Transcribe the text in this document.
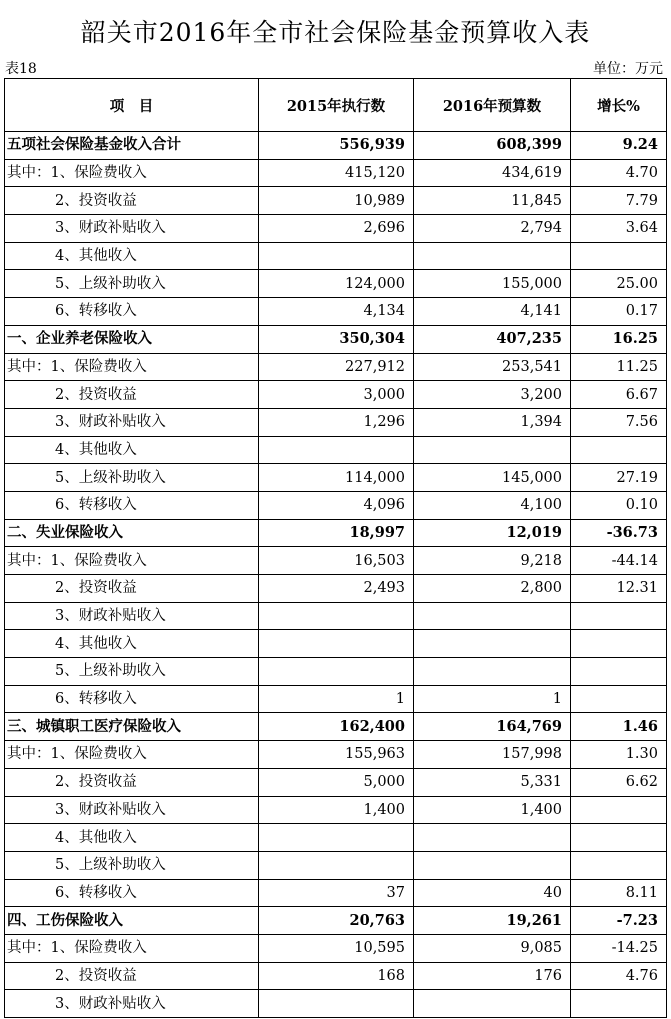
韶关市2016年全市社会保险基金预算收入表
表18	单位：万元
项　目	2015年执行数	2016年预算数	增长%
五项社会保险基金收入合计	556,939	608,399	9.24
其中：1、保险费收入	415,120	434,619	4.70
2、投资收益	10,989	11,845	7.79
3、财政补贴收入	2,696	2,794	3.64
4、其他收入			
5、上级补助收入	124,000	155,000	25.00
6、转移收入	4,134	4,141	0.17
一、企业养老保险收入	350,304	407,235	16.25
其中：1、保险费收入	227,912	253,541	11.25
2、投资收益	3,000	3,200	6.67
3、财政补贴收入	1,296	1,394	7.56
4、其他收入			
5、上级补助收入	114,000	145,000	27.19
6、转移收入	4,096	4,100	0.10
二、失业保险收入	18,997	12,019	-36.73
其中：1、保险费收入	16,503	9,218	-44.14
2、投资收益	2,493	2,800	12.31
3、财政补贴收入			
4、其他收入			
5、上级补助收入			
6、转移收入	1	1	
三、城镇职工医疗保险收入	162,400	164,769	1.46
其中：1、保险费收入	155,963	157,998	1.30
2、投资收益	5,000	5,331	6.62
3、财政补贴收入	1,400	1,400	
4、其他收入			
5、上级补助收入			
6、转移收入	37	40	8.11
四、工伤保险收入	20,763	19,261	-7.23
其中：1、保险费收入	10,595	9,085	-14.25
2、投资收益	168	176	4.76
3、财政补贴收入			
